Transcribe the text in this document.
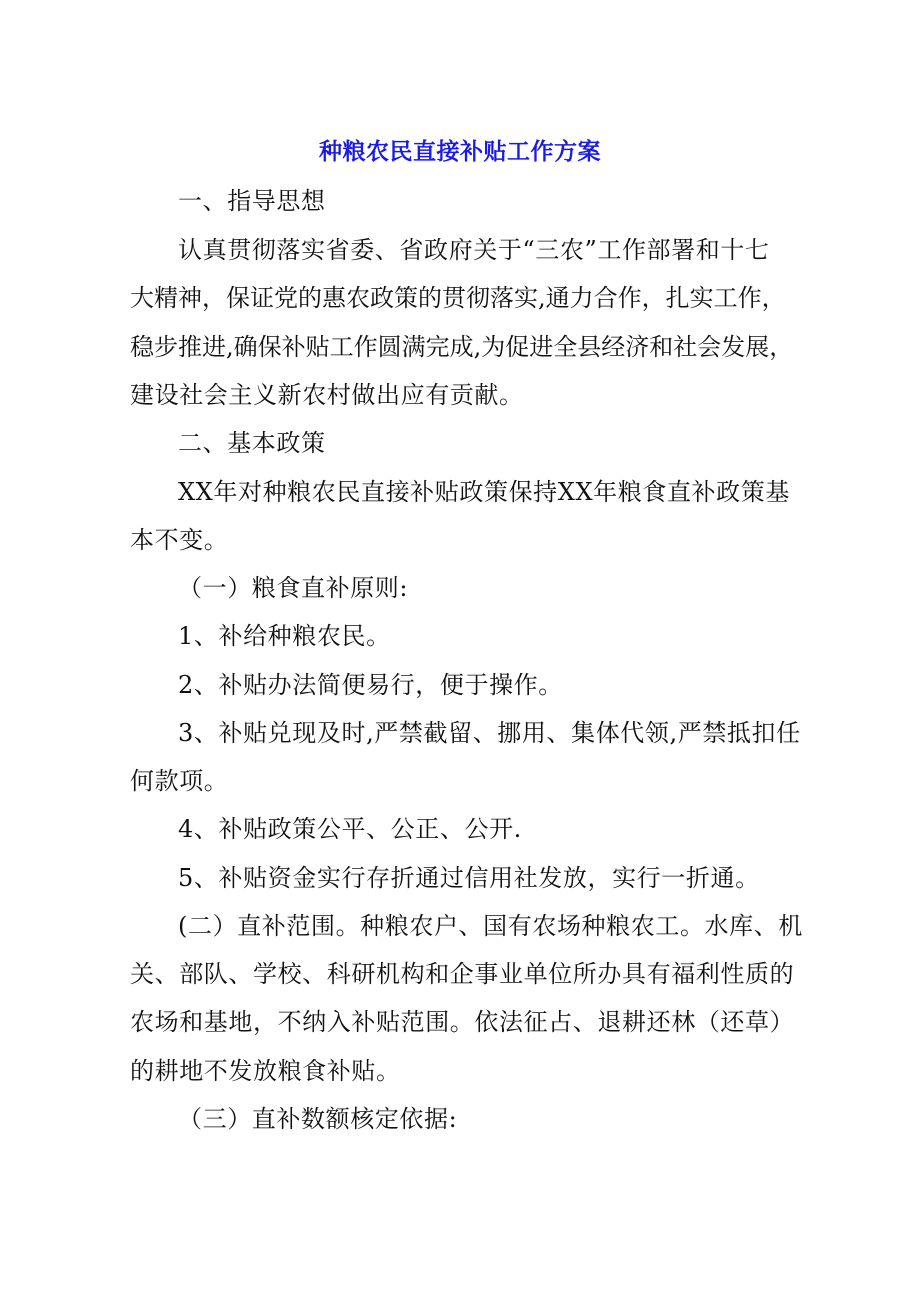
种粮农民直接补贴工作方案
一、指导思想
认真贯彻落实省委、省政府关于“三农”工作部署和十七
大精神，保证党的惠农政策的贯彻落实,通力合作，扎实工作，
稳步推进,确保补贴工作圆满完成,为促进全县经济和社会发展，
建设社会主义新农村做出应有贡献。
二、基本政策
XX年对种粮农民直接补贴政策保持XX年粮食直补政策基
本不变。
（一）粮食直补原则:
1、补给种粮农民。
2、补贴办法简便易行，便于操作。
3、补贴兑现及时,严禁截留、挪用、集体代领,严禁抵扣任
何款项。
4、补贴政策公平、公正、公开.
5、补贴资金实行存折通过信用社发放，实行一折通。
(二）直补范围。种粮农户、国有农场种粮农工。水库、机
关、部队、学校、科研机构和企事业单位所办具有福利性质的
农场和基地，不纳入补贴范围。依法征占、退耕还林（还草）
的耕地不发放粮食补贴。
（三）直补数额核定依据:
